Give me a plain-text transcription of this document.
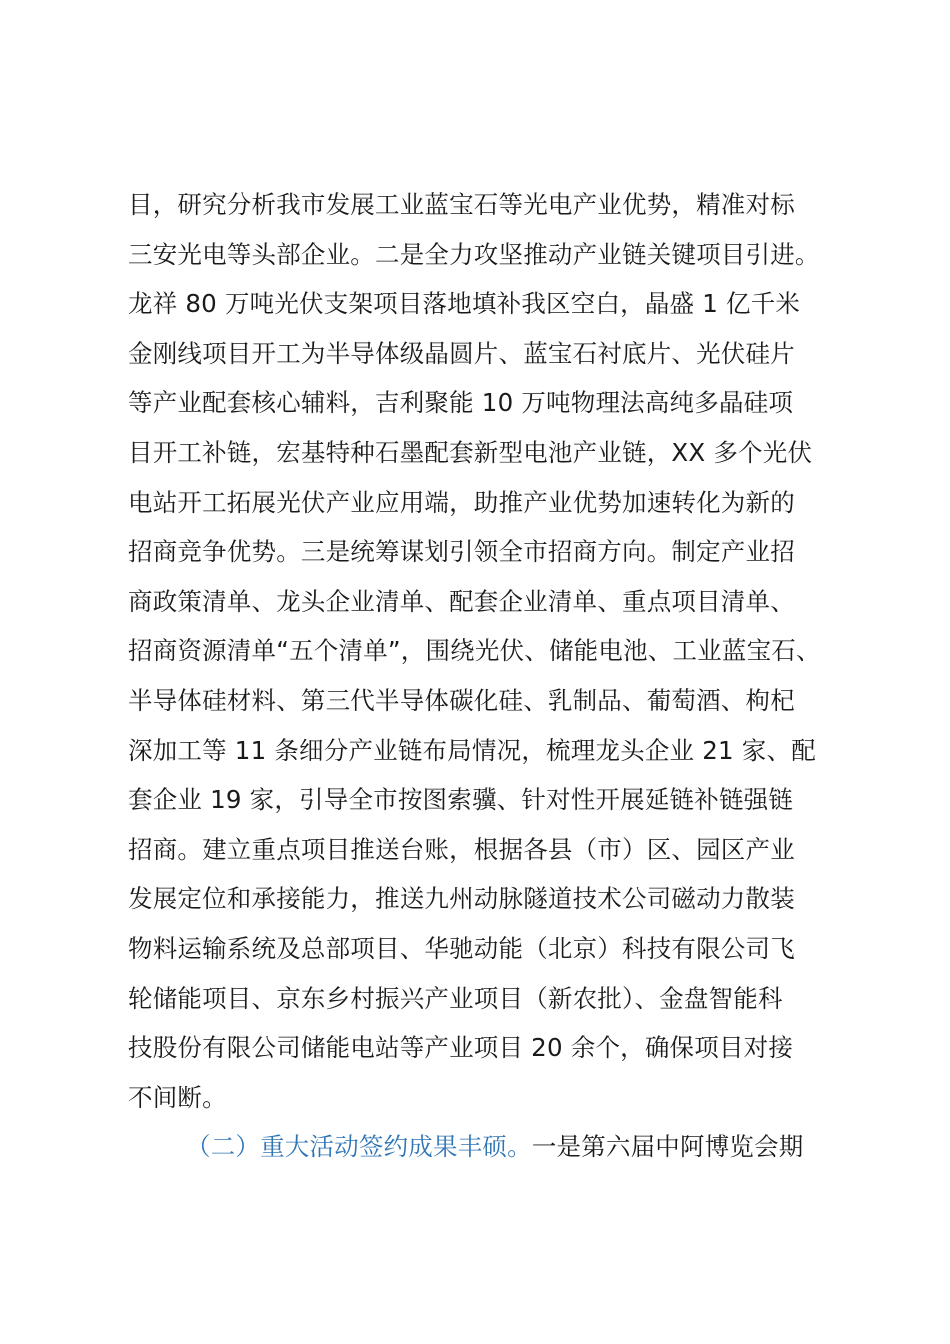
目，研究分析我市发展工业蓝宝石等光电产业优势，精准对标
三安光电等头部企业。二是全力攻坚推动产业链关键项目引进。
龙祥 80 万吨光伏支架项目落地填补我区空白，晶盛 1 亿千米
金刚线项目开工为半导体级晶圆片、蓝宝石衬底片、光伏硅片
等产业配套核心辅料，吉利聚能 10 万吨物理法高纯多晶硅项
目开工补链，宏基特种石墨配套新型电池产业链，XX 多个光伏
电站开工拓展光伏产业应用端，助推产业优势加速转化为新的
招商竞争优势。三是统筹谋划引领全市招商方向。制定产业招
商政策清单、龙头企业清单、配套企业清单、重点项目清单、
招商资源清单“五个清单”，围绕光伏、储能电池、工业蓝宝石、
半导体硅材料、第三代半导体碳化硅、乳制品、葡萄酒、枸杞
深加工等 11 条细分产业链布局情况，梳理龙头企业 21 家、配
套企业 19 家，引导全市按图索骥、针对性开展延链补链强链
招商。建立重点项目推送台账，根据各县（市）区、园区产业
发展定位和承接能力，推送九州动脉隧道技术公司磁动力散装
物料运输系统及总部项目、华驰动能（北京）科技有限公司飞
轮储能项目、京东乡村振兴产业项目（新农批）、金盘智能科
技股份有限公司储能电站等产业项目 20 余个，确保项目对接
不间断。
（二）重大活动签约成果丰硕。一是第六届中阿博览会期
